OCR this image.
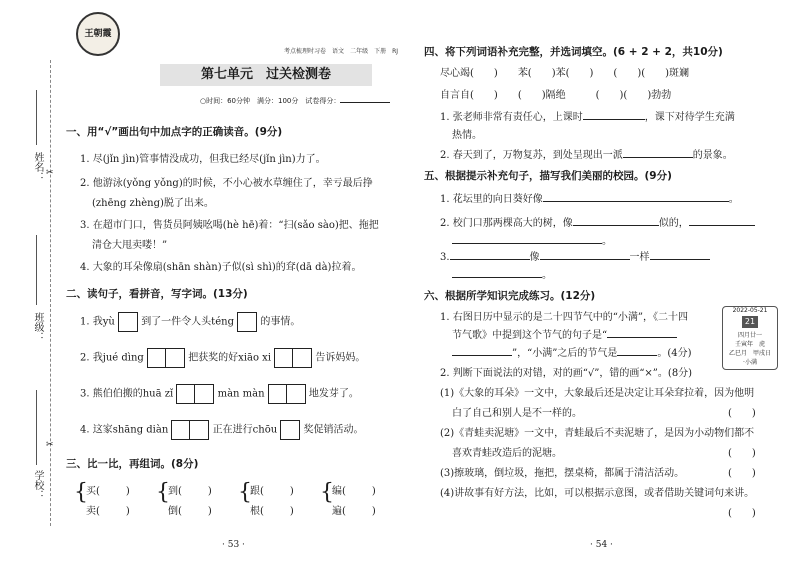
姓名：
班级：
学校：
✂
✂
王朝霞
考点梳理时习卷　 语文　 二年级　 下册　 RJ
第七单元　过关检测卷
○时间：60分钟　 满分：100分　 试卷得分：
一、用“√”画出句中加点字的正确读音。(9分)
1. 尽(jǐn jìn)管事情没成功，但我已经尽(jǐn jìn)力了。
2. 他游泳(yǒng yǒng)的时候，不小心被水草缠住了，幸亏最后挣
(zhēng zhèng)脱了出来。
3. 在超市门口，售货员阿姨吆喝(hè hē)着：“扫(sǎo sào)把、拖把
清仓大甩卖喽！”
4. 大象的耳朵像扇(shān shàn)子似(sì shì)的耷(dā dà)拉着。
二、读句子，看拼音，写字词。(13分)
1. 我yù	到了一件令人头téng	的事情。
2. 我jué dìng	把获奖的好xiāo xi	告诉妈妈。
3. 熊伯伯搬的huā zǐ	màn màn	地发芽了。
4. 这家shāng diàn	正在进行chōu	奖促销活动。
三、比一比，再组词。(8分)
{
买(	)
卖(	)
{
到(	)
倒(	)
{
跟(	)
根(	)
{
编(	)
遍(	)
· 53 ·
四、将下列词语补充完整，并选词填空。(6 + 2 + 2，共10分)
尽心竭(　　)　　 苯(　　)苯(　　)　　 (　　)(　　)斑斓
自言自(　　)　　 (　　)隔绝　　　	(　　)(　　)勃勃
1. 张老师非常有责任心，上课时	，课下对待学生充满
热情。
2. 春天到了，万物复苏，到处呈现出一派	的景象。
五、根据提示补充句子，描写我们美丽的校园。(9分)
1. 花坛里的向日葵好像	。
2. 校门口那两棵高大的树，像	似的，
。
3.	像	一样
。
六、根据所学知识完成练习。(12分)
1. 右图日历中显示的是二十四节气中的“小满”，《二十四
节气歌》中提到这个节气的句子是“
”，“小满”之后的节气是	。(4分)
2022-05-21
21
四月廿一
壬寅年　虎
乙巳月　甲戌日
·小满
2. 判断下面说法的对错，对的画“√”，错的画“×”。(8分)
(1)《大象的耳朵》一文中，大象最后还是决定让耳朵耷拉着，因为他明
白了自己和别人是不一样的。	(　　)
(2)《青蛙卖泥塘》一文中，青蛙最后不卖泥塘了，是因为小动物们都不
喜欢青蛙改造后的泥塘。	(　　)
(3)擦玻璃，倒垃圾，拖把，摆桌椅，都属于清洁活动。	(　　)
(4)讲故事有好方法，比如，可以根据示意图，或者借助关键词句来讲。
(　　)
· 54 ·
